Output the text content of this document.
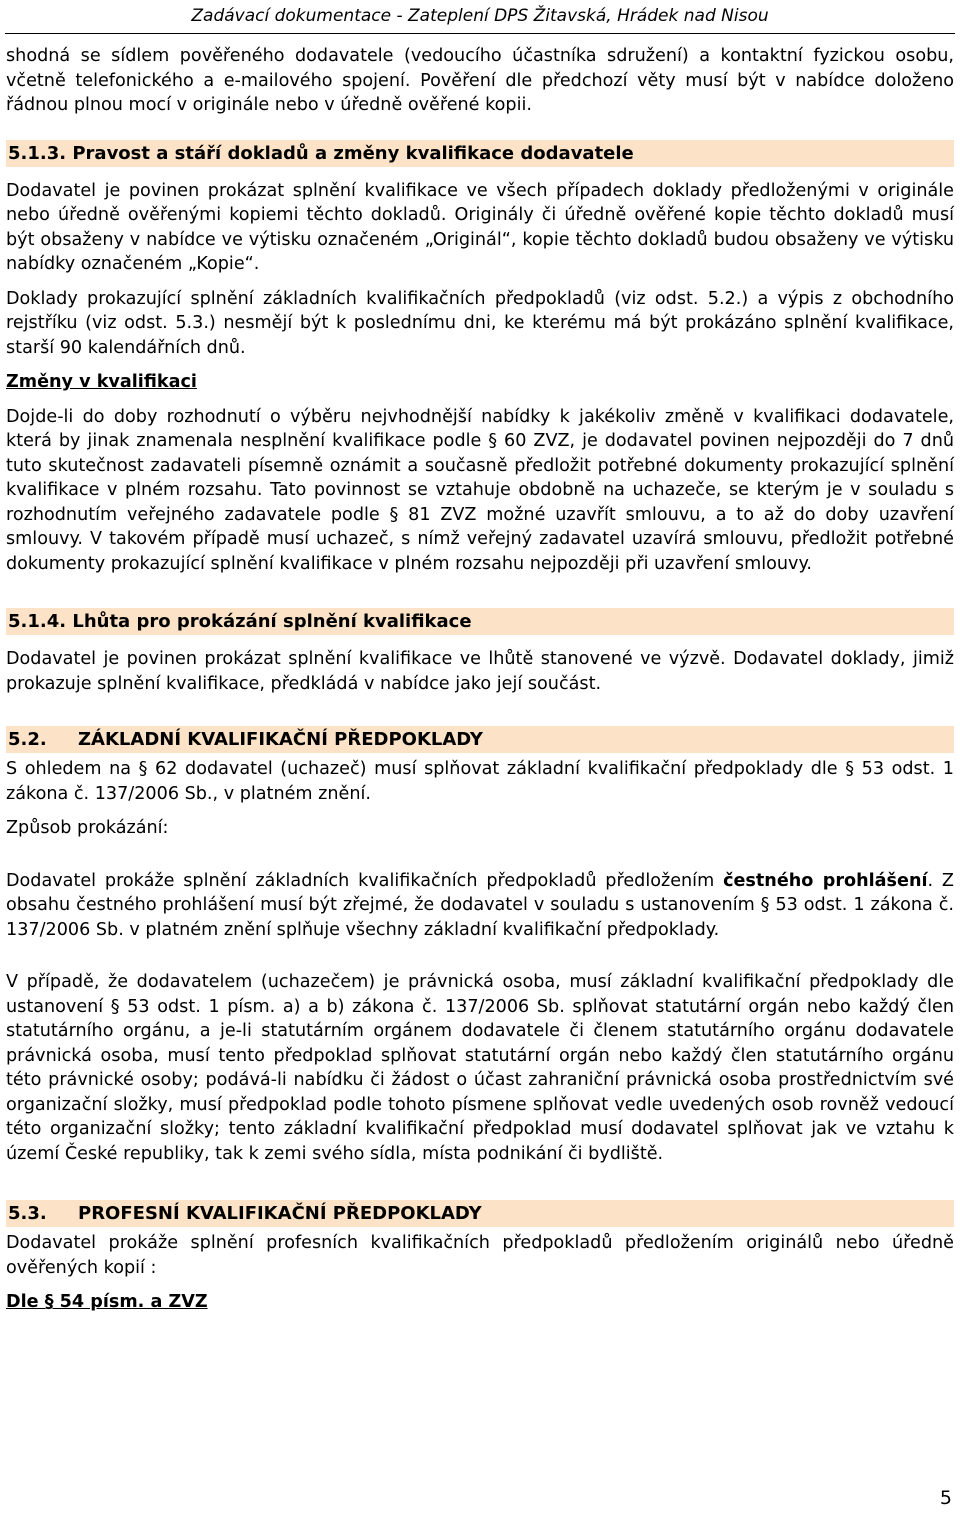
Zadávací dokumentace - Zateplení DPS Žitavská, Hrádek nad Nisou

shodná se sídlem pověřeného dodavatele (vedoucího účastníka sdružení) a kontaktní fyzickou osobu, včetně telefonického a e-mailového spojení. Pověření dle předchozí věty musí být v nabídce doloženo řádnou plnou mocí v originále nebo v úředně ověřené kopii.

5.1.3. Pravost a stáří dokladů a změny kvalifikace dodavatele

Dodavatel je povinen prokázat splnění kvalifikace ve všech případech doklady předloženými v originále nebo úředně ověřenými kopiemi těchto dokladů. Originály či úředně ověřené kopie těchto dokladů musí být obsaženy v nabídce ve výtisku označeném „Originál“, kopie těchto dokladů budou obsaženy ve výtisku nabídky označeném „Kopie“.

Doklady prokazující splnění základních kvalifikačních předpokladů (viz odst. 5.2.) a výpis z obchodního rejstříku (viz odst. 5.3.) nesmějí být k poslednímu dni, ke kterému má být prokázáno splnění kvalifikace, starší 90 kalendářních dnů.

Změny v kvalifikaci

Dojde-li do doby rozhodnutí o výběru nejvhodnější nabídky k jakékoliv změně v kvalifikaci dodavatele, která by jinak znamenala nesplnění kvalifikace podle § 60 ZVZ, je dodavatel povinen nejpozději do 7 dnů tuto skutečnost zadavateli písemně oznámit a současně předložit potřebné dokumenty prokazující splnění kvalifikace v plném rozsahu. Tato povinnost se vztahuje obdobně na uchazeče, se kterým je v souladu s rozhodnutím veřejného zadavatele podle § 81 ZVZ možné uzavřít smlouvu, a to až do doby uzavření smlouvy. V takovém případě musí uchazeč, s nímž veřejný zadavatel uzavírá smlouvu, předložit potřebné dokumenty prokazující splnění kvalifikace v plném rozsahu nejpozději při uzavření smlouvy.

5.1.4. Lhůta pro prokázání splnění kvalifikace

Dodavatel je povinen prokázat splnění kvalifikace ve lhůtě stanovené ve výzvě. Dodavatel doklady, jimiž prokazuje splnění kvalifikace, předkládá v nabídce jako její součást.

5.2.	ZÁKLADNÍ KVALIFIKAČNÍ PŘEDPOKLADY

S ohledem na § 62 dodavatel (uchazeč) musí splňovat základní kvalifikační předpoklady dle § 53 odst. 1 zákona č. 137/2006 Sb., v platném znění.

Způsob prokázání:

Dodavatel prokáže splnění základních kvalifikačních předpokladů předložením čestného prohlášení. Z obsahu čestného prohlášení musí být zřejmé, že dodavatel v souladu s ustanovením § 53 odst. 1 zákona č. 137/2006 Sb. v platném znění splňuje všechny základní kvalifikační předpoklady.

V případě, že dodavatelem (uchazečem) je právnická osoba, musí základní kvalifikační předpoklady dle ustanovení § 53 odst. 1 písm. a) a b) zákona č. 137/2006 Sb. splňovat statutární orgán nebo každý člen statutárního orgánu, a je-li statutárním orgánem dodavatele či členem statutárního orgánu dodavatele právnická osoba, musí tento předpoklad splňovat statutární orgán nebo každý člen statutárního orgánu této právnické osoby; podává-li nabídku či žádost o účast zahraniční právnická osoba prostřednictvím své organizační složky, musí předpoklad podle tohoto písmene splňovat vedle uvedených osob rovněž vedoucí této organizační složky; tento základní kvalifikační předpoklad musí dodavatel splňovat jak ve vztahu k území České republiky, tak k zemi svého sídla, místa podnikání či bydliště.

5.3.	PROFESNÍ KVALIFIKAČNÍ PŘEDPOKLADY

Dodavatel prokáže splnění profesních kvalifikačních předpokladů předložením originálů nebo úředně ověřených kopií :

Dle § 54 písm. a ZVZ

5
